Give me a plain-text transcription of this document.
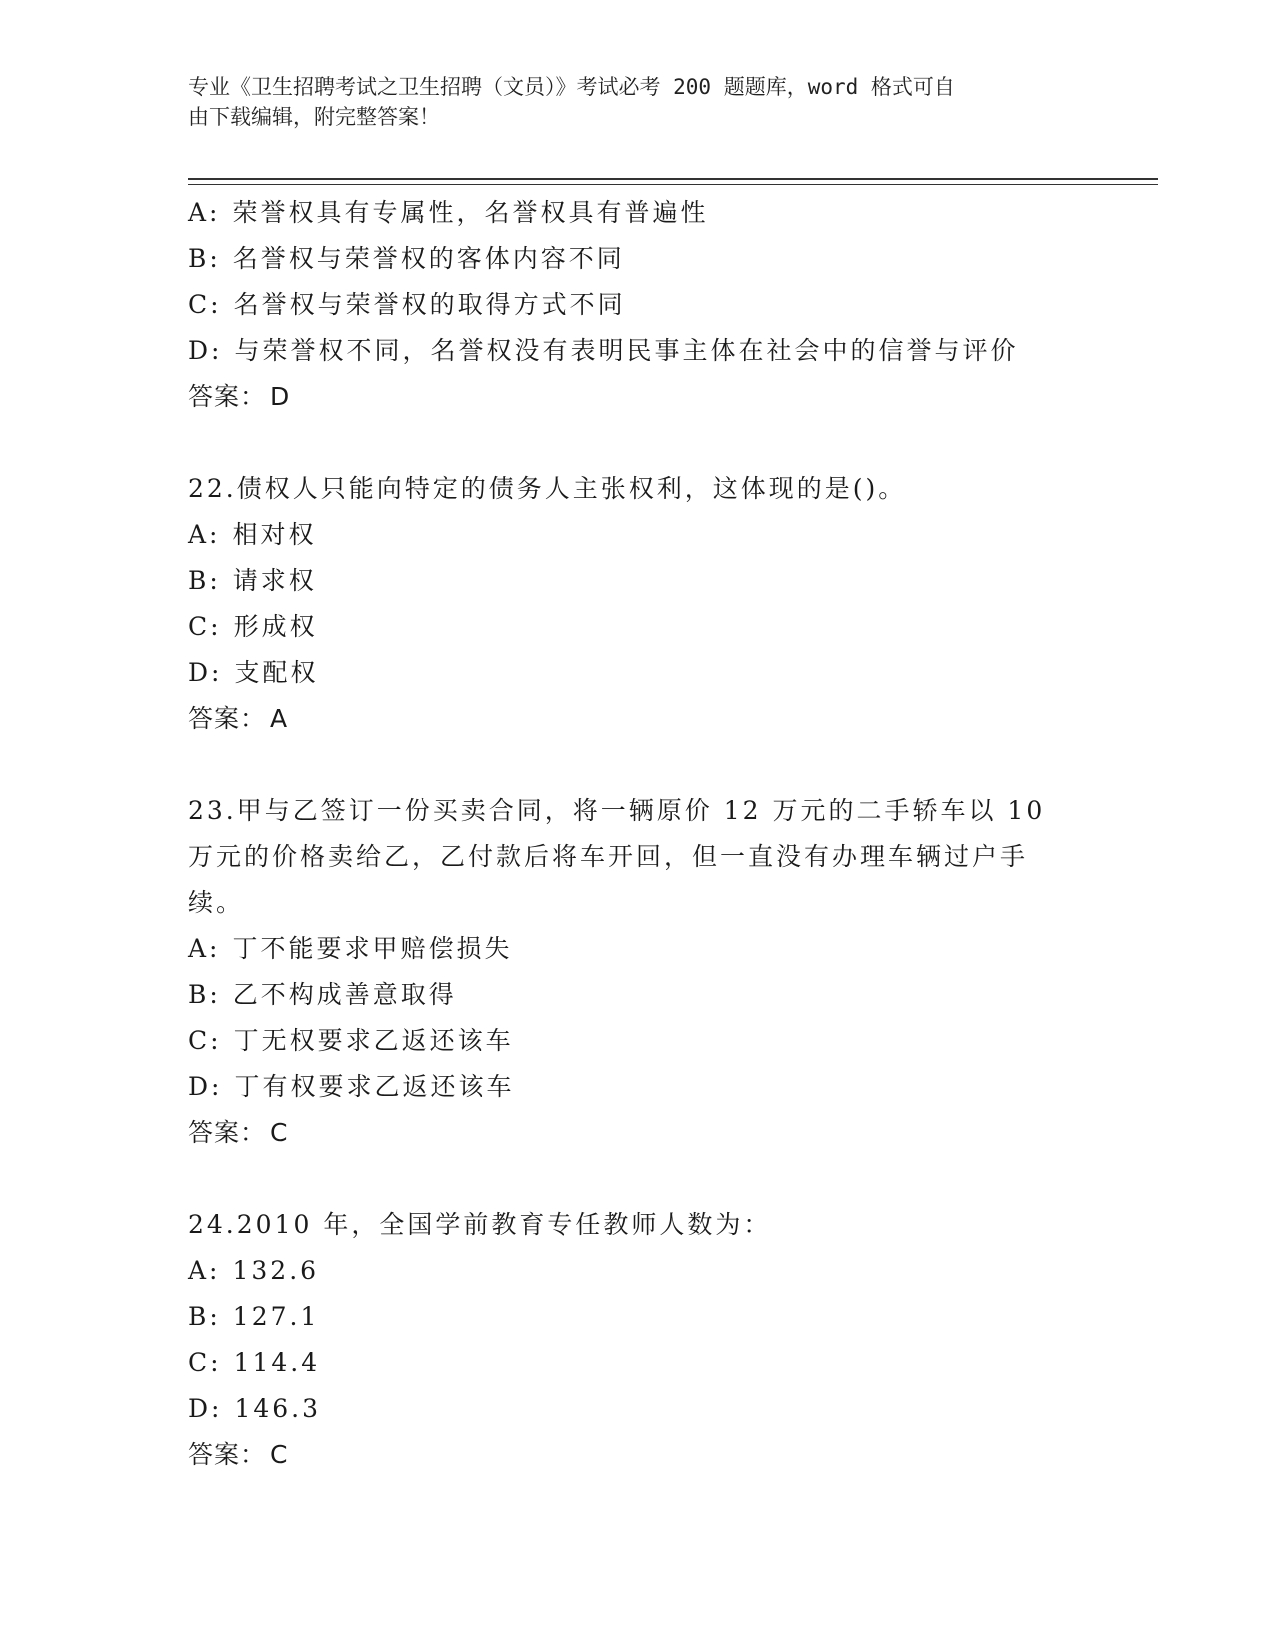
专业《卫生招聘考试之卫生招聘（文员）》考试必考 200 题题库，word 格式可自
由下载编辑，附完整答案！
A: 荣誉权具有专属性，名誉权具有普遍性
B: 名誉权与荣誉权的客体内容不同
C: 名誉权与荣誉权的取得方式不同
D: 与荣誉权不同，名誉权没有表明民事主体在社会中的信誉与评价
答案： D
22.债权人只能向特定的债务人主张权利，这体现的是()。
A: 相对权
B: 请求权
C: 形成权
D: 支配权
答案： A
23.甲与乙签订一份买卖合同，将一辆原价 12 万元的二手轿车以 10 万元的价格卖给乙，乙付款后将车开回，但一直没有办理车辆过户手续。
A: 丁不能要求甲赔偿损失
B: 乙不构成善意取得
C: 丁无权要求乙返还该车
D: 丁有权要求乙返还该车
答案： C
24.2010 年，全国学前教育专任教师人数为：
A: 132.6
B: 127.1
C: 114.4
D: 146.3
答案： C
